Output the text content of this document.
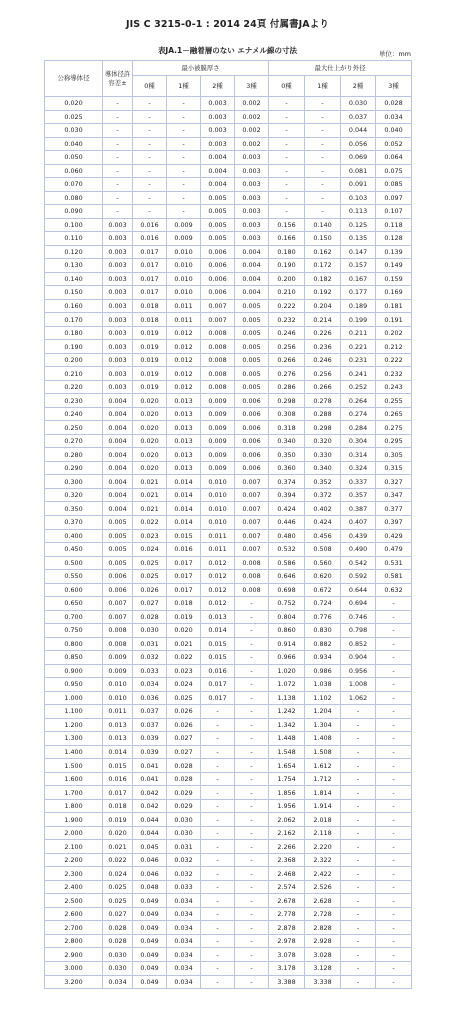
JIS C 3215-0-1 : 2014 24頁 付属書JAより
表JA.1－融着層のない エナメル線の寸法	単位：mm
公称導体径	導体径許容差±	最小被膜厚さ				最大仕上がり外径			
		0種	1種	2種	3種	0種	1種	2種	3種
0.020	-	-	-	0.003	0.002	-	-	0.030	0.028
0.025	-	-	-	0.003	0.002	-	-	0.037	0.034
0.030	-	-	-	0.003	0.002	-	-	0.044	0.040
0.040	-	-	-	0.003	0.002	-	-	0.056	0.052
0.050	-	-	-	0.004	0.003	-	-	0.069	0.064
0.060	-	-	-	0.004	0.003	-	-	0.081	0.075
0.070	-	-	-	0.004	0.003	-	-	0.091	0.085
0.080	-	-	-	0.005	0.003	-	-	0.103	0.097
0.090	-	-	-	0.005	0.003	-	-	0.113	0.107
0.100	0.003	0.016	0.009	0.005	0.003	0.156	0.140	0.125	0.118
0.110	0.003	0.016	0.009	0.005	0.003	0.166	0.150	0.135	0.128
0.120	0.003	0.017	0.010	0.006	0.004	0.180	0.162	0.147	0.139
0.130	0.003	0.017	0.010	0.006	0.004	0.190	0.172	0.157	0.149
0.140	0.003	0.017	0.010	0.006	0.004	0.200	0.182	0.167	0.159
0.150	0.003	0.017	0.010	0.006	0.004	0.210	0.192	0.177	0.169
0.160	0.003	0.018	0.011	0.007	0.005	0.222	0.204	0.189	0.181
0.170	0.003	0.018	0.011	0.007	0.005	0.232	0.214	0.199	0.191
0.180	0.003	0.019	0.012	0.008	0.005	0.246	0.226	0.211	0.202
0.190	0.003	0.019	0.012	0.008	0.005	0.256	0.236	0.221	0.212
0.200	0.003	0.019	0.012	0.008	0.005	0.266	0.246	0.231	0.222
0.210	0.003	0.019	0.012	0.008	0.005	0.276	0.256	0.241	0.232
0.220	0.003	0.019	0.012	0.008	0.005	0.286	0.266	0.252	0.243
0.230	0.004	0.020	0.013	0.009	0.006	0.298	0.278	0.264	0.255
0.240	0.004	0.020	0.013	0.009	0.006	0.308	0.288	0.274	0.265
0.250	0.004	0.020	0.013	0.009	0.006	0.318	0.298	0.284	0.275
0.270	0.004	0.020	0.013	0.009	0.006	0.340	0.320	0.304	0.295
0.280	0.004	0.020	0.013	0.009	0.006	0.350	0.330	0.314	0.305
0.290	0.004	0.020	0.013	0.009	0.006	0.360	0.340	0.324	0.315
0.300	0.004	0.021	0.014	0.010	0.007	0.374	0.352	0.337	0.327
0.320	0.004	0.021	0.014	0.010	0.007	0.394	0.372	0.357	0.347
0.350	0.004	0.021	0.014	0.010	0.007	0.424	0.402	0.387	0.377
0.370	0.005	0.022	0.014	0.010	0.007	0.446	0.424	0.407	0.397
0.400	0.005	0.023	0.015	0.011	0.007	0.480	0.456	0.439	0.429
0.450	0.005	0.024	0.016	0.011	0.007	0.532	0.508	0.490	0.479
0.500	0.005	0.025	0.017	0.012	0.008	0.586	0.560	0.542	0.531
0.550	0.006	0.025	0.017	0.012	0.008	0.646	0.620	0.592	0.581
0.600	0.006	0.026	0.017	0.012	0.008	0.698	0.672	0.644	0.632
0.650	0.007	0.027	0.018	0.012	-	0.752	0.724	0.694	-
0.700	0.007	0.028	0.019	0.013	-	0.804	0.776	0.746	-
0.750	0.008	0.030	0.020	0.014	-	0.860	0.830	0.798	-
0.800	0.008	0.031	0.021	0.015	-	0.914	0.882	0.852	-
0.850	0.009	0.032	0.022	0.015	-	0.966	0.934	0.904	-
0.900	0.009	0.033	0.023	0.016	-	1.020	0.986	0.956	-
0.950	0.010	0.034	0.024	0.017	-	1.072	1.038	1.008	-
1.000	0.010	0.036	0.025	0.017	-	1.138	1.102	1.062	-
1.100	0.011	0.037	0.026	-	-	1.242	1.204	-	-
1.200	0.013	0.037	0.026	-	-	1.342	1.304	-	-
1.300	0.013	0.039	0.027	-	-	1.448	1.408	-	-
1.400	0.014	0.039	0.027	-	-	1.548	1.508	-	-
1.500	0.015	0.041	0.028	-	-	1.654	1.612	-	-
1.600	0.016	0.041	0.028	-	-	1.754	1.712	-	-
1.700	0.017	0.042	0.029	-	-	1.856	1.814	-	-
1.800	0.018	0.042	0.029	-	-	1.956	1.914	-	-
1.900	0.019	0.044	0.030	-	-	2.062	2.018	-	-
2.000	0.020	0.044	0.030	-	-	2.162	2.118	-	-
2.100	0.021	0.045	0.031	-	-	2.266	2.220	-	-
2.200	0.022	0.046	0.032	-	-	2.368	2.322	-	-
2.300	0.024	0.046	0.032	-	-	2.468	2.422	-	-
2.400	0.025	0.048	0.033	-	-	2.574	2.526	-	-
2.500	0.025	0.049	0.034	-	-	2.678	2.628	-	-
2.600	0.027	0.049	0.034	-	-	2.778	2.728	-	-
2.700	0.028	0.049	0.034	-	-	2.878	2.828	-	-
2.800	0.028	0.049	0.034	-	-	2.978	2.928	-	-
2.900	0.030	0.049	0.034	-	-	3.078	3.028	-	-
3.000	0.030	0.049	0.034	-	-	3.178	3.128	-	-
3.200	0.034	0.049	0.034	-	-	3.388	3.338	-	-
